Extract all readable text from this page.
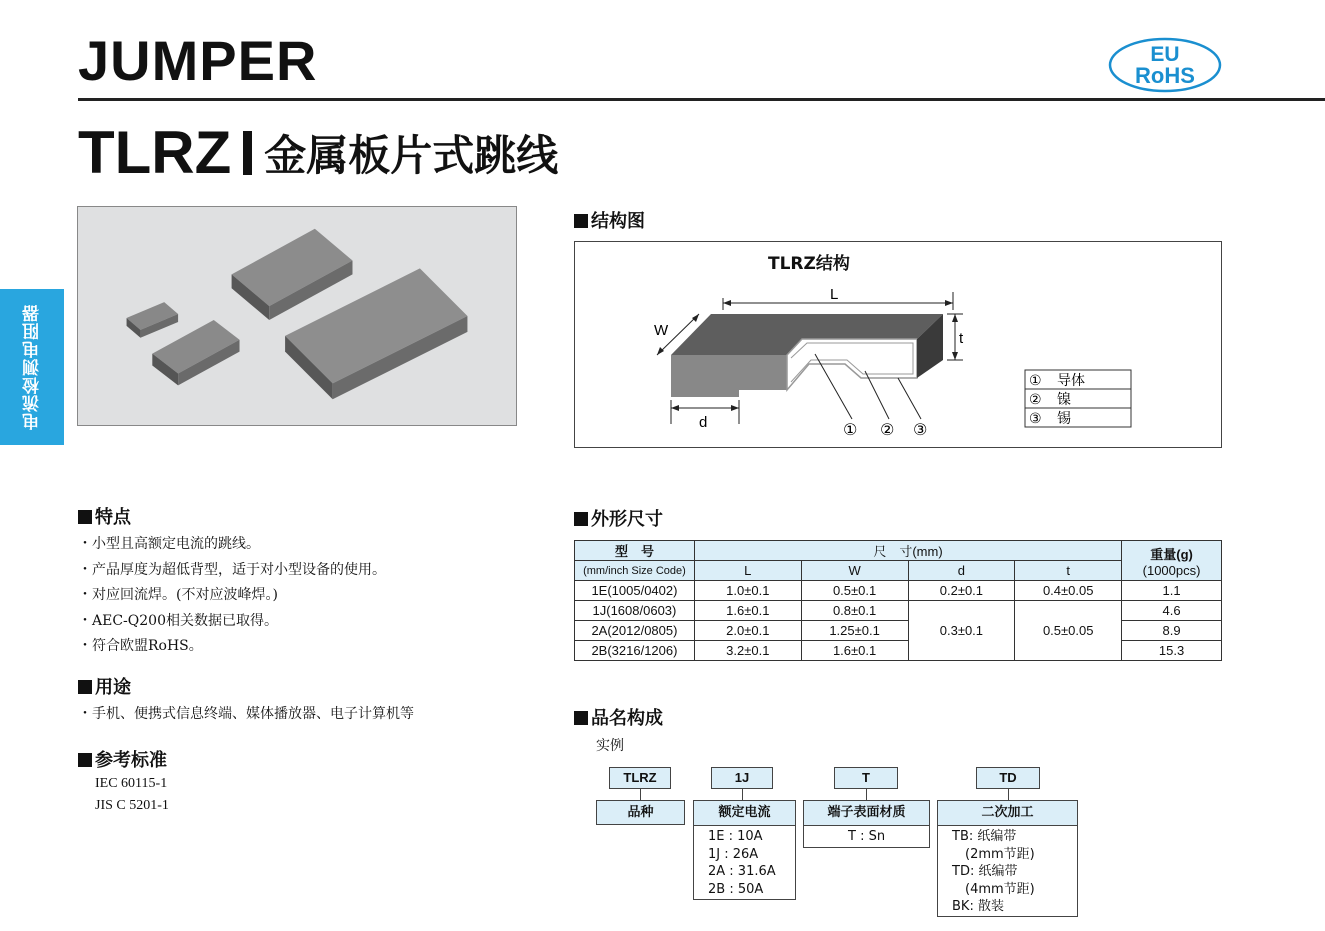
JUMPER	EU
RoHS
TLRZ 金属板片式跳线
电流检测电阻器
结构图
TLRZ结构
L
W	t
d	① ② ③
① 导体
② 镍
③ 锡
特点
・小型且高额定电流的跳线。
・产品厚度为超低背型，适于对小型设备的使用。
・对应回流焊。(不对应波峰焊。)
・AEC-Q200相关数据已取得。
・符合欧盟RoHS。
用途
・手机、便携式信息终端、媒体播放器、电子计算机等
参考标准
IEC 60115-1
JIS C 5201-1
外形尺寸
型　号	尺　寸(mm)				重量(g)
(1000pcs)

(mm/inch Size Code)	L	W	d	t	
1E(1005/0402)	1.0±0.1	0.5±0.1	0.2±0.1	0.4±0.05	1.1
1J(1608/0603)	1.6±0.1	0.8±0.1	0.3±0.1	0.5±0.05	4.6
2A(2012/0805)	2.0±0.1	1.25±0.1			8.9
2B(3216/1206)	3.2±0.1	1.6±0.1			15.3
品名构成
实例
TLRZ	1J	T	TD
品种	额定电流
1E : 10A
1J : 26A
2A : 31.6A
2B : 50A
端子表面材质
T : Sn
二次加工
TB: 纸编带
　(2mm节距)
TD: 纸编带
　(4mm节距)
BK: 散装
